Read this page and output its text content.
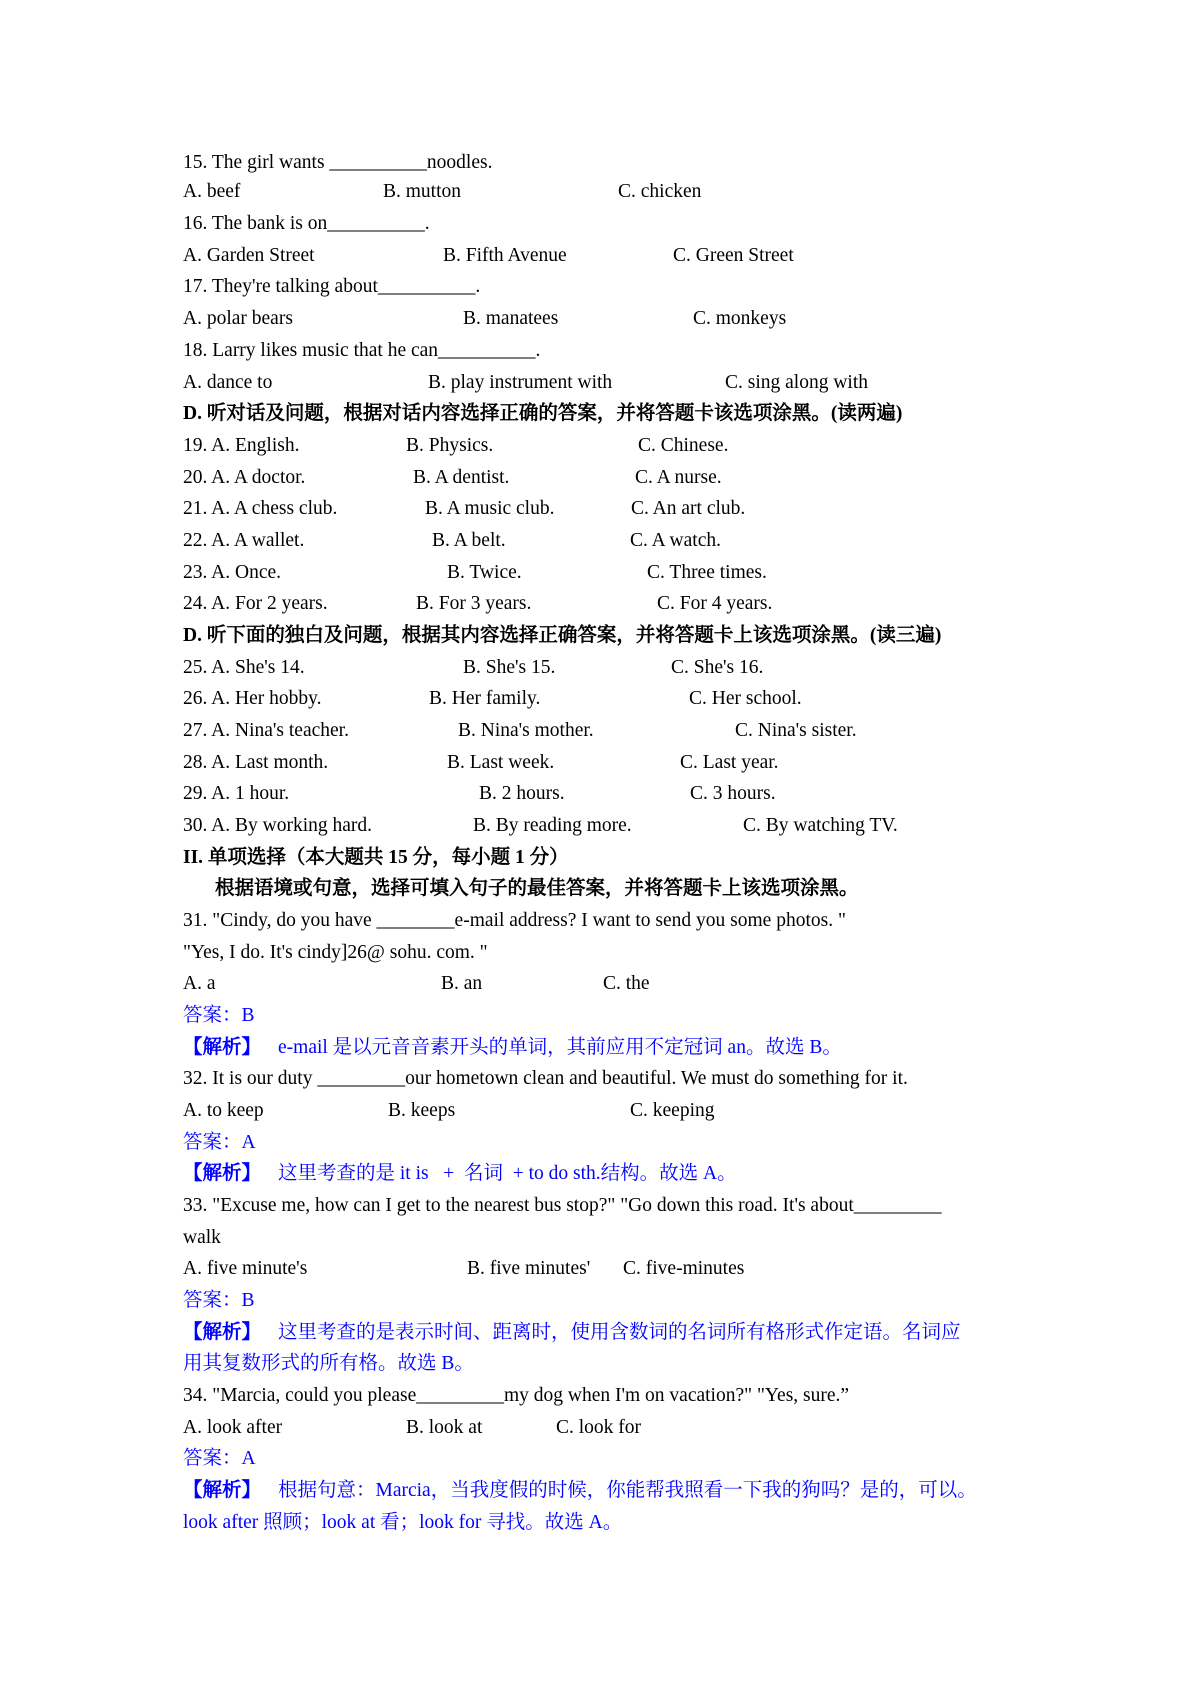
15. The girl wants __________noodles.
A. beef	B. mutton	C. chicken
16. The bank is on__________.
A. Garden Street	B. Fifth Avenue	C. Green Street
17. They're talking about__________.
A. polar bears	B. manatees	C. monkeys
18. Larry likes music that he can__________.
A. dance to	B. play instrument with	C. sing along with
D. 听对话及问题，根据对话内容选择正确的答案，并将答题卡该选项涂黑。(读两遍)
19. A. English.	B. Physics.	C. Chinese.
20. A. A doctor.	B. A dentist.	C. A nurse.
21. A. A chess club.	B. A music club.	C. An art club.
22. A. A wallet.	B. A belt.	C. A watch.
23. A. Once.	B. Twice.	C. Three times.
24. A. For 2 years.	B. For 3 years.	C. For 4 years.
D. 听下面的独白及问题，根据其内容选择正确答案，并将答题卡上该选项涂黑。(读三遍)
25. A. She's 14.	B. She's 15.	C. She's 16.
26. A. Her hobby.	B. Her family.	C. Her school.
27. A. Nina's teacher.	B. Nina's mother.	C. Nina's sister.
28. A. Last month.	B. Last week.	C. Last year.
29. A. 1 hour.	B. 2 hours.	C. 3 hours.
30. A. By working hard.	B. By reading more.	C. By watching TV.
II. 单项选择（本大题共 15 分，每小题 1 分）
根据语境或句意，选择可填入句子的最佳答案，并将答题卡上该选项涂黑。
31. "Cindy, do you have ________e-mail address? I want to send you some photos. "
"Yes, I do. It's cindy]26@ sohu. com. "
A. a	B. an	C. the
答案：B
【解析】 e-mail 是以元音音素开头的单词，其前应用不定冠词 an。故选 B。
32. It is our duty _________our hometown clean and beautiful. We must do something for it.
A. to keep	B. keeps	C. keeping
答案：A
【解析】 这里考查的是 it is   +  名词  + to do sth.结构。故选 A。
33. "Excuse me, how can I get to the nearest bus stop?" "Go down this road. It's about_________
walk
A. five minute's	B. five minutes' C. five-minutes
答案：B
【解析】 这里考查的是表示时间、距离时，使用含数词的名词所有格形式作定语。名词应
用其复数形式的所有格。故选 B。
34. "Marcia, could you please_________my dog when I'm on vacation?" "Yes, sure.”
A. look after	B. look at	C. look for
答案：A
【解析】 根据句意：Marcia，当我度假的时候，你能帮我照看一下我的狗吗？是的，可以。
look after 照顾；look at 看；look for 寻找。故选 A。
